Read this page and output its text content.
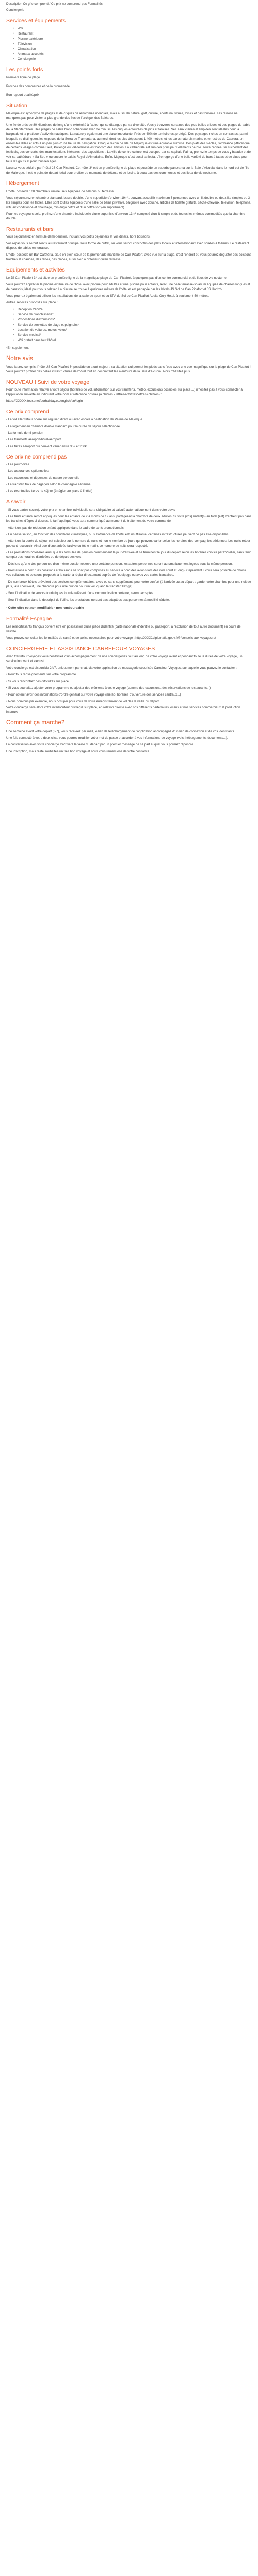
Description Ce gîte comprend / Ce prix ne comprend pas Formalités

Conciergerie

Services et équipements
• Wifi
• Restaurant
• Piscine extérieure
• Télévision
• Climatisation
• Animaux acceptés
• Conciergerie
Les points forts

Première ligne de plage

Proches des commerces et de la promenade

Bon rapport qualité/prix

Situation

Majorque est synonyme de plages et de criques de renommée mondiale, mais aussi de nature, golf, culture, sports nautiques, loisirs et gastronomie. Les raisons ne manquent pas pour visiter la plus grande des îles de l'archipel des Baléares.

Une île de près de 80 kilomètres de long d'une extrémité à l'autre, qui se distingue par sa diversité. Vous y trouverez certaines des plus belles criques et des plages de sable de la Méditerranée. Des plages de sable blanc cohabitent avec de minuscules criques entourées de pins et falaises. Ses eaux claires et limpides sont idéales pour la baignade et la pratique d'activités nautiques. La nature y également une place importante. Près de 40% de territoire est protégé. Des paysages riches en contrastes, parmi lesquels se distinguent les espaces de la Serra de Tramuntana, au nord, dont les pics dépassent 1 400 mètres, et les parcs naturels marins et terrestres de Cabrera, un ensemble d'îles et îlots à un peu plus d'une heure de navigation. Chaque recoin de l'île de Majorque est une agréable surprise. Des plats des siècles, l'ambiance pittoresque de certains villages comme Deià, Pollença ou Valldemossa est l'accord des artistes. La cathédrale est l'un des principaux éléments de l'île. Toute l'année, se succèdent des festivals, des concerts, des manifestations littéraires, des expositions... La ville de centre culturel est occupée par sa capitale Palma, prenez le temps de vous y balader et de voir sa cathédrale « Sa Seu » ou encore le palais Royal d'Almudaina. Enfin, Majorque c'est aussi la fiesta. L'île regorge d'une belle variété de bars à tapas et de clubs pour tous les goûts et pour tous les âges.

Laissez-vous séduire par l'hôtel JS Can Picafort. Cet hôtel 3* est en première ligne de plage et possède un superbe panorama sur la Baie d'Alcudia, dans le nord-est de l'île de Majorque. Il est le point de départ idéal pour profiter de moments de détente et de loisirs, à deux pas des commerces et des lieux de vie nocturne.

Hébergement

L'hôtel possède 100 chambres lumineuses équipées de balcons ou terrasse.

Vous séjournerez en chambre standard, basse double, d'une superficie d'environ 19m², pouvant accueillir maximum 3 personnes avec un lit double ou deux lits simples ou 3 lits simples pour les triples. Elles sont toutes équipées d'une salle de bains privative, baignoire avec douche, articles de toilette gratuits, sèche-cheveux, télévision, téléphone, wifi, air conditionné et chauffage, mini-frigo coffre et d'un coffre-fort (en supplément).

Pour les voyageurs solo, profitez d'une chambre individuelle d'une superficie d'environ 13m² composé d'un lit simple et de toutes les mêmes commodités que la chambre double.

Restaurants et bars

Vous séjournerez en formule demi-pension, incluant vos petits déjeuners et vos dîners, hors boissons.

Vos repas vous seront servis au restaurant principal sous forme de buffet, où vous seront concoctés des plats locaux et internationaux avec soirées à thèmes. Le restaurant dispose de tables en terrasse.

L'hôtel possède un Bar-Cafétéria, situé en plein cœur de la promenade maritime de Can Picafort, avec vue sur la plage, c'est l'endroit où vous pourrez déguster des boissons fraîches et chaudes, des tartes, des glaces, aussi bien à l'intérieur qu'en terrasse.

Équipements et activités

Le JS Can Picafort 3* est situé en première ligne de la magnifique plage de Can Picafort, à quelques pas d'un centre commercial et de lieux de vie nocturne.

Vous pourrez apprécier la piscine extérieure de l'hôtel avec piscine pour adultes et une piscine pour enfants, avec une belle terrasse-solarium équipée de chaises longues et de parasols, idéal pour vous relaxer. La piscine se trouve à quelques mètres de l'hôtel et est partagée par les hôtels JS Sol de Can Picafort et JS Horitzó.

Vous pourrez également utiliser les installations de la salle de sport et du SPA du Sol de Can Picafort Adults Only Hotel, à seulement 50 mètres.

Autres services proposés sur place :

• Réception 24h/24
• Service de blanchisserie*
• Propositions d'excursions*
• Service de serviettes de plage et peignoirs*
• Location de voitures, motos, vélos*
• Service médical*
• Wifi gratuit dans tout l'hôtel

*En supplément

Notre avis

Vous l'aurez compris, l'hôtel JS Can Picafort 3* possède un atout majeur : sa situation qui permet les pieds dans l'eau avec une vue magnifique sur la plage de Can Picafort ! Vous pourrez profiter des belles infrastructures de l'hôtel tout en découvrant les alentours de la Baie d'Alcudia. Alors n'hésitez plus !

NOUVEAU ! Suivi de votre voyage

Pour toute information relative à votre séjour (horaires de vol, information sur vos transferts, météo, excursions possibles sur place,...) n'hésitez pas à vous connecter à l'application suivante en indiquant votre nom et référence dossier (à chiffres - lettres&chiffres/lettres&chiffres) :

https://XXXXX.tour.enetfourholiday.eu/english/en/login

Ce prix comprend

- Le vol aller/retour opéré sur régulier, direct ou avec escale à destination de Palma de Majorque

- Le logement en chambre double standard pour la durée de séjour sélectionnée

- La formule demi-pension

- Les transferts aéroport/hôtel/aéroport

- Les taxes aéroport qui peuvent varier entre 30€ et 200€

Ce prix ne comprend pas

- Les pourboires

- Les assurances optionnelles

- Les excursions et dépenses de nature personnelle

- Le transfert frais de bagages selon la compagnie aérienne

- Les éventuelles taxes de séjour (à régler sur place à l'hôtel)

A savoir

- Si vous partez seul(e), votre prix en chambre individuelle sera obligatoire et calculé automatiquement dans votre devis

- Les tarifs enfants seront appliqués pour les enfants de 2 à moins de 12 ans, partageant la chambre de deux adultes. Si votre (vos) enfant(s) au total (est) n'entrent pas dans les tranches d'âges ci-dessus, le tarif appliqué vous sera communiqué au moment du traitement de votre commande

- Attention, pas de réduction enfant appliquée dans le cadre de tarifs promotionnels

- En basse saison, en fonction des conditions climatiques, ou si l'affluence de l'hôtel est insuffisante, certaines infrastructures peuvent ne pas être disponibles.

- Attention, la durée du séjour est calculée sur le nombre de nuits et non le nombre de jours qui peuvent varier selon les horaires des compagnies aériennes. Les nuits retour pouvant raccourcir. Ainsi que d'une arrivée tardive ou tôt le matin, ce nombre de nuits sera respecté.

- Les prestations hôtelières ainsi que les formules de pension commencent le jour d'arrivée et se terminent le jour du départ selon les horaires choisis par l'hôtelier, sans tenir compte des horaires d'arrivées ou de départ des vols

- Dès lors qu'une des personnes d'un même dossier réserve une certaine pension, les autres personnes seront automatiquement logées sous la même pension.

- Prestations à bord : les collations et boissons ne sont pas comprises au service à bord des avions lors des vols court et long - Cependant il vous sera possible de choisir vos collations et boissons proposés à la carte, à régler directement auprès de l'équipage ou avec vos cartes bancaires.

- De nombreux hôtels prévoient des services complémentaires, avec ou sans supplément, pour votre confort (à l'arrivée ou au départ : garder votre chambre pour une nuit de plus, late check-out, une chambre pour une nuit ou pour un vol, quand le transfert l'exige).

- Seul l'indication de service touristiques fournie relèvent d'une communication certaine, seront acceptés.

- Seul l'indication dans le descriptif de l'offre, les prestations ne sont pas adaptées aux personnes à mobilité réduite.

- Cette offre est non modifiable - non remboursable

Formalité Espagne

Les ressortissants français doivent être en possession d'une pièce d'identité (carte nationale d'identité ou passeport, à l'exclusion de tout autre document) en cours de validité.

Vous pouvez consulter les formalités de santé et de police nécessaires pour votre voyage : http://XXXX.diplomatie.gouv.fr/fr/conseils-aux-voyageurs/

CONCIERGERIE ET ASSISTANCE CARREFOUR VOYAGES

Avec Carrefour Voyages vous bénéficiez d'un accompagnement de nos conciergeries tout au long de votre voyage avant et pendant toute la durée de votre voyage, un service innovant et exclusif.

Votre concierge est disponible 24/7, uniquement par chat, via votre application de messagerie sécurisée Carrefour Voyages, sur laquelle vous pouvez le contacter :

• Pour tous renseignements sur votre programme

• Si vous rencontrez des difficultés sur place

• Si vous souhaitez ajouter votre programme ou ajouter des éléments à votre voyage (comme des excursions, des réservations de restaurants...)

• Pour obtenir avoir des informations d'ordre général sur votre voyage (météo, horaires d'ouverture des services centraux...)

• Nous pouvons par exemple, nous occuper pour vous de votre enregistrement de vol dès la veille du départ

Votre concierge sera alors votre interlocuteur privilégié sur place, en relation directe avec nos différents partenaires locaux et nos services commerciaux et production internes.

Comment ça marche?

Une semaine avant votre départ (J-7), vous recevrez par mail, le lien de téléchargement de l'application accompagné d'un lien de connexion et de vos identifiants.

Une fois connecté à votre deux clics, vous pourrez modifier votre mot de passe et accéder à vos informations de voyage (vols, hébergements, documents...).

La conversation avec votre concierge s'activera la veille du départ par un premier message de sa part auquel vous pourrez répondre.

Une inscription, mais reste souhaitée un très bon voyage et nous vous remercions de votre confiance.
